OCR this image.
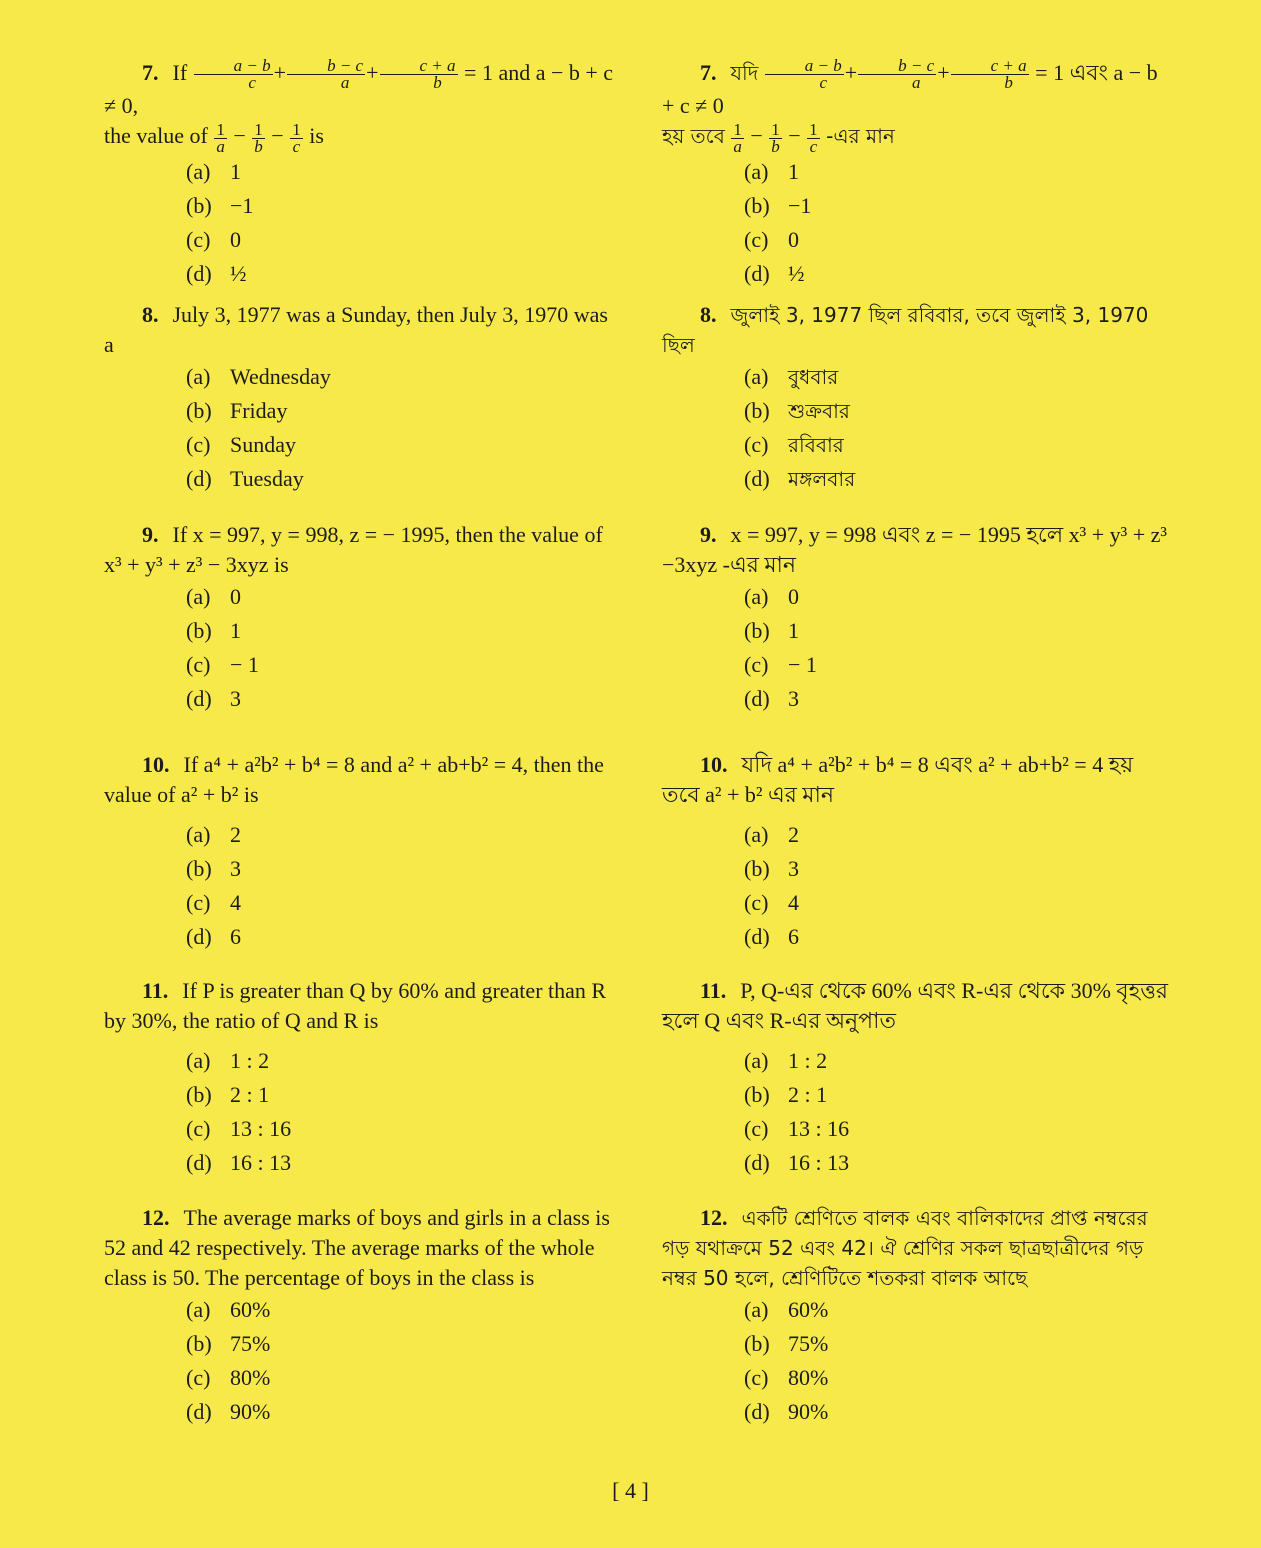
7. If $\frac{a - b}{c} + \frac{b - c}{a} + \frac{c + a}{b} = 1$ and a − b + c ≠ 0,
the value of $\frac{1}{a} - \frac{1}{b} - \frac{1}{c}$ is
(a) 1
(b) −1
(c) 0
(d) ½
8. July 3, 1977 was a Sunday, then July 3, 1970 was a
(a) Wednesday
(b) Friday
(c) Sunday
(d) Tuesday
9. If x = 997, y = 998, z = − 1995, then the value of x³ + y³ + z³ − 3xyz is
(a) 0
(b) 1
(c) − 1
(d) 3
10. If a⁴ + a²b² + b⁴ = 8 and a² + ab+b² = 4, then the value of a² + b² is
(a) 2
(b) 3
(c) 4
(d) 6
11. If P is greater than Q by 60% and greater than R by 30%, the ratio of Q and R is
(a) 1 : 2
(b) 2 : 1
(c) 13 : 16
(d) 16 : 13
12. The average marks of boys and girls in a class is 52 and 42 respectively. The average marks of the whole class is 50. The percentage of boys in the class is
(a) 60%
(b) 75%
(c) 80%
(d) 90%
7. যদি $\frac{a - b}{c} + \frac{b - c}{a} + \frac{c + a}{b} = 1$ এবং a − b + c ≠ 0
হয় তবে $\frac{1}{a} - \frac{1}{b} - \frac{1}{c}$ -এর মান
(a) 1
(b) −1
(c) 0
(d) ½
8. জুলাই 3, 1977 ছিল রবিবার, তবে জুলাই 3, 1970 ছিল
(a) বুধবার
(b) শুক্রবার
(c) রবিবার
(d) মঙ্গলবার
9. x = 997, y = 998 এবং z = − 1995 হলে x³ + y³ + z³ −3xyz -এর মান
(a) 0
(b) 1
(c) − 1
(d) 3
10. যদি a⁴ + a²b² + b⁴ = 8 এবং a² + ab+b² = 4 হয় তবে a² + b² এর মান
(a) 2
(b) 3
(c) 4
(d) 6
11. P, Q-এর থেকে 60% এবং R-এর থেকে 30% বৃহত্তর হলে Q এবং R-এর অনুপাত
(a) 1 : 2
(b) 2 : 1
(c) 13 : 16
(d) 16 : 13
12. একটি শ্রেণিতে বালক এবং বালিকাদের প্রাপ্ত নম্বরের গড় যথাক্রমে 52 এবং 42। ঐ শ্রেণির সকল ছাত্রছাত্রীদের গড় নম্বর 50 হলে, শ্রেণিটিতে শতকরা বালক আছে
(a) 60%
(b) 75%
(c) 80%
(d) 90%
[ 4 ]
